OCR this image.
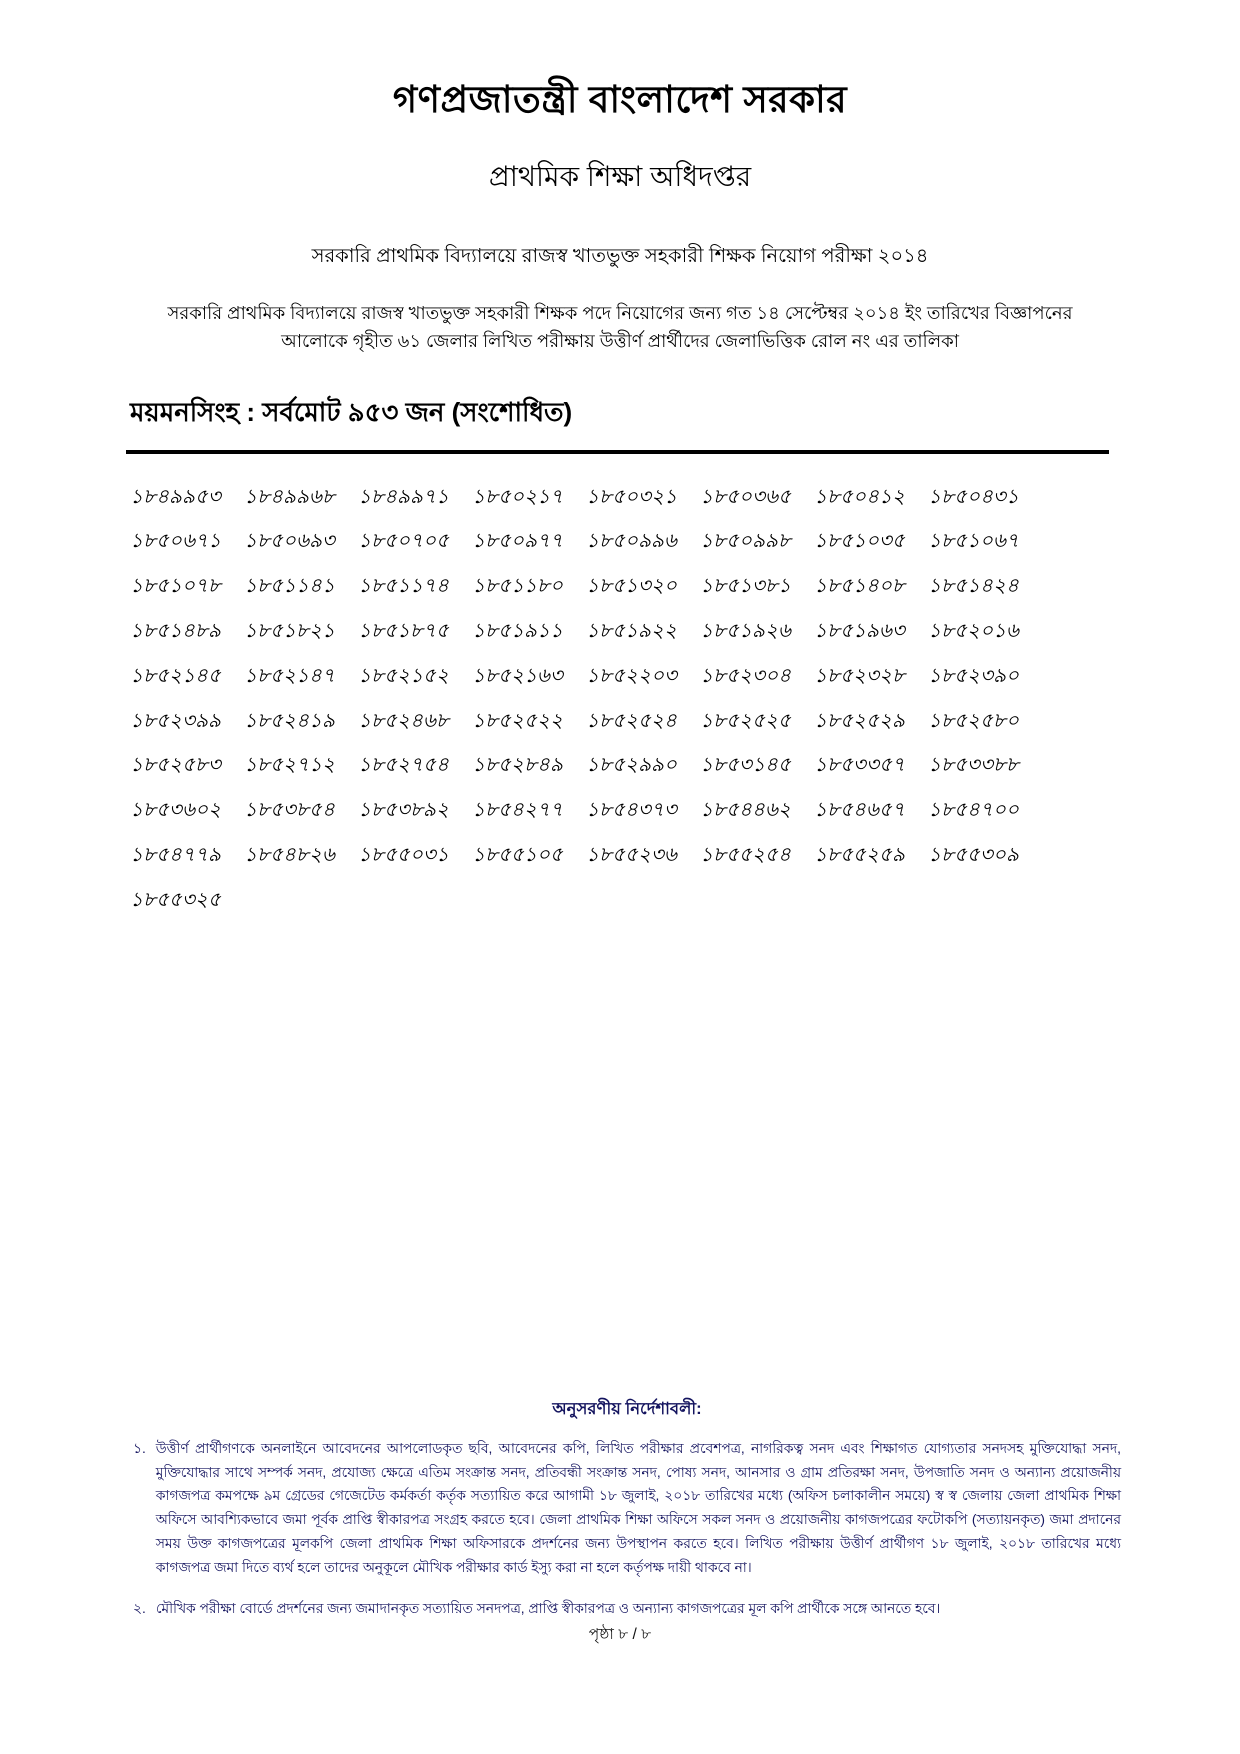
গণপ্রজাতন্ত্রী বাংলাদেশ সরকার
প্রাথমিক শিক্ষা অধিদপ্তর
সরকারি প্রাথমিক বিদ্যালয়ে রাজস্ব খাতভুক্ত সহকারী শিক্ষক নিয়োগ পরীক্ষা ২০১৪
সরকারি প্রাথমিক বিদ্যালয়ে রাজস্ব খাতভুক্ত সহকারী শিক্ষক পদে নিয়োগের জন্য গত ১৪ সেপ্টেম্বর ২০১৪ ইং তারিখের বিজ্ঞাপনের আলোকে গৃহীত ৬১ জেলার লিখিত পরীক্ষায় উত্তীর্ণ প্রার্থীদের জেলাভিত্তিক রোল নং এর তালিকা
ময়মনসিংহ : সর্বমোট ৯৫৩ জন (সংশোধিত)
১৮৪৯৯৫৩	১৮৪৯৯৬৮	১৮৪৯৯৭১	১৮৫০২১৭	১৮৫০৩২১	১৮৫০৩৬৫	১৮৫০৪১২	১৮৫০৪৩১
১৮৫০৬৭১	১৮৫০৬৯৩	১৮৫০৭০৫	১৮৫০৯৭৭	১৮৫০৯৯৬	১৮৫০৯৯৮	১৮৫১০৩৫	১৮৫১০৬৭
১৮৫১০৭৮	১৮৫১১৪১	১৮৫১১৭৪	১৮৫১১৮০	১৮৫১৩২০	১৮৫১৩৮১	১৮৫১৪০৮	১৮৫১৪২৪
১৮৫১৪৮৯	১৮৫১৮২১	১৮৫১৮৭৫	১৮৫১৯১১	১৮৫১৯২২	১৮৫১৯২৬	১৮৫১৯৬৩	১৮৫২০১৬
১৮৫২১৪৫	১৮৫২১৪৭	১৮৫২১৫২	১৮৫২১৬৩	১৮৫২২০৩	১৮৫২৩০৪	১৮৫২৩২৮	১৮৫২৩৯০
১৮৫২৩৯৯	১৮৫২৪১৯	১৮৫২৪৬৮	১৮৫২৫২২	১৮৫২৫২৪	১৮৫২৫২৫	১৮৫২৫২৯	১৮৫২৫৮০
১৮৫২৫৮৩	১৮৫২৭১২	১৮৫২৭৫৪	১৮৫২৮৪৯	১৮৫২৯৯০	১৮৫৩১৪৫	১৮৫৩৩৫৭	১৮৫৩৩৮৮
১৮৫৩৬০২	১৮৫৩৮৫৪	১৮৫৩৮৯২	১৮৫৪২৭৭	১৮৫৪৩৭৩	১৮৫৪৪৬২	১৮৫৪৬৫৭	১৮৫৪৭০০
১৮৫৪৭৭৯	১৮৫৪৮২৬	১৮৫৫০৩১	১৮৫৫১০৫	১৮৫৫২৩৬	১৮৫৫২৫৪	১৮৫৫২৫৯	১৮৫৫৩০৯
১৮৫৫৩২৫
অনুসরণীয় নির্দেশাবলী:
১. উত্তীর্ণ প্রার্থীগণকে অনলাইনে আবেদনের আপলোডকৃত ছবি, আবেদনের কপি, লিখিত পরীক্ষার প্রবেশপত্র, নাগরিকত্ব সনদ এবং শিক্ষাগত যোগ্যতার সনদসহ মুক্তিযোদ্ধা সনদ, মুক্তিযোদ্ধার সাথে সম্পর্ক সনদ, প্রযোজ্য ক্ষেত্রে এতিম সংক্রান্ত সনদ, প্রতিবন্ধী সংক্রান্ত সনদ, পোষ্য সনদ, আনসার ও গ্রাম প্রতিরক্ষা সনদ, উপজাতি সনদ ও অন্যান্য প্রয়োজনীয় কাগজপত্র কমপক্ষে ৯ম গ্রেডের গেজেটেড কর্মকর্তা কর্তৃক সত্যায়িত করে আগামী ১৮ জুলাই, ২০১৮ তারিখের মধ্যে (অফিস চলাকালীন সময়ে) স্ব স্ব জেলায় জেলা প্রাথমিক শিক্ষা অফিসে আবশ্যিকভাবে জমা পূর্বক প্রাপ্তি স্বীকারপত্র সংগ্রহ করতে হবে। জেলা প্রাথমিক শিক্ষা অফিসে সকল সনদ ও প্রয়োজনীয় কাগজপত্রের ফটোকপি (সত্যায়নকৃত) জমা প্রদানের সময় উক্ত কাগজপত্রের মূলকপি জেলা প্রাথমিক শিক্ষা অফিসারকে প্রদর্শনের জন্য উপস্থাপন করতে হবে। লিখিত পরীক্ষায় উত্তীর্ণ প্রার্থীগণ ১৮ জুলাই, ২০১৮ তারিখের মধ্যে কাগজপত্র জমা দিতে ব্যর্থ হলে তাদের অনুকূলে মৌখিক পরীক্ষার কার্ড ইস্যু করা না হলে কর্তৃপক্ষ দায়ী থাকবে না।
২. মৌখিক পরীক্ষা বোর্ডে প্রদর্শনের জন্য জমাদানকৃত সত্যায়িত সনদপত্র, প্রাপ্তি স্বীকারপত্র ও অন্যান্য কাগজপত্রের মূল কপি প্রার্থীকে সঙ্গে আনতে হবে।
পৃষ্ঠা ৮ / ৮
